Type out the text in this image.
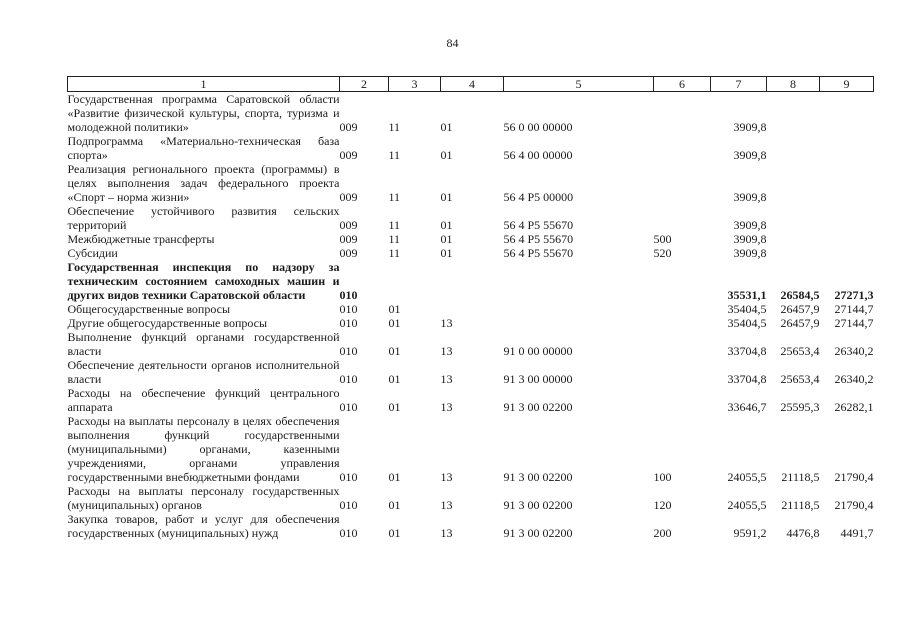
84
1	2	3	4	5	6	7	8	9
Государственная программа Саратовской области «Развитие физической культуры, спорта, туризма и молодежной политики»	009	11	01	56 0 00 00000		3909,8		
Подпрограмма «Материально-техническая база спорта»	009	11	01	56 4 00 00000		3909,8		
Реализация регионального проекта (программы) в целях выполнения задач федерального проекта «Спорт – норма жизни»	009	11	01	56 4 P5 00000		3909,8		
Обеспечение устойчивого развития сельских территорий	009	11	01	56 4 P5 55670		3909,8		
Межбюджетные трансферты	009	11	01	56 4 P5 55670	500	3909,8		
Субсидии	009	11	01	56 4 P5 55670	520	3909,8		
Государственная инспекция по надзору за техническим состоянием самоходных машин и других видов техники Саратовской области	010					35531,1	26584,5	27271,3
Общегосударственные вопросы	010	01				35404,5	26457,9	27144,7
Другие общегосударственные вопросы	010	01	13			35404,5	26457,9	27144,7
Выполнение функций органами государственной власти	010	01	13	91 0 00 00000		33704,8	25653,4	26340,2
Обеспечение деятельности органов исполнительной власти	010	01	13	91 3 00 00000		33704,8	25653,4	26340,2
Расходы на обеспечение функций центрального аппарата	010	01	13	91 3 00 02200		33646,7	25595,3	26282,1
Расходы на выплаты персоналу в целях обеспечения выполнения функций государственными (муниципальными) органами, казенными учреждениями, органами управления государственными внебюджетными фондами	010	01	13	91 3 00 02200	100	24055,5	21118,5	21790,4
Расходы на выплаты персоналу государственных (муниципальных) органов	010	01	13	91 3 00 02200	120	24055,5	21118,5	21790,4
Закупка товаров, работ и услуг для обеспечения государственных (муниципальных) нужд	010	01	13	91 3 00 02200	200	9591,2	4476,8	4491,7
